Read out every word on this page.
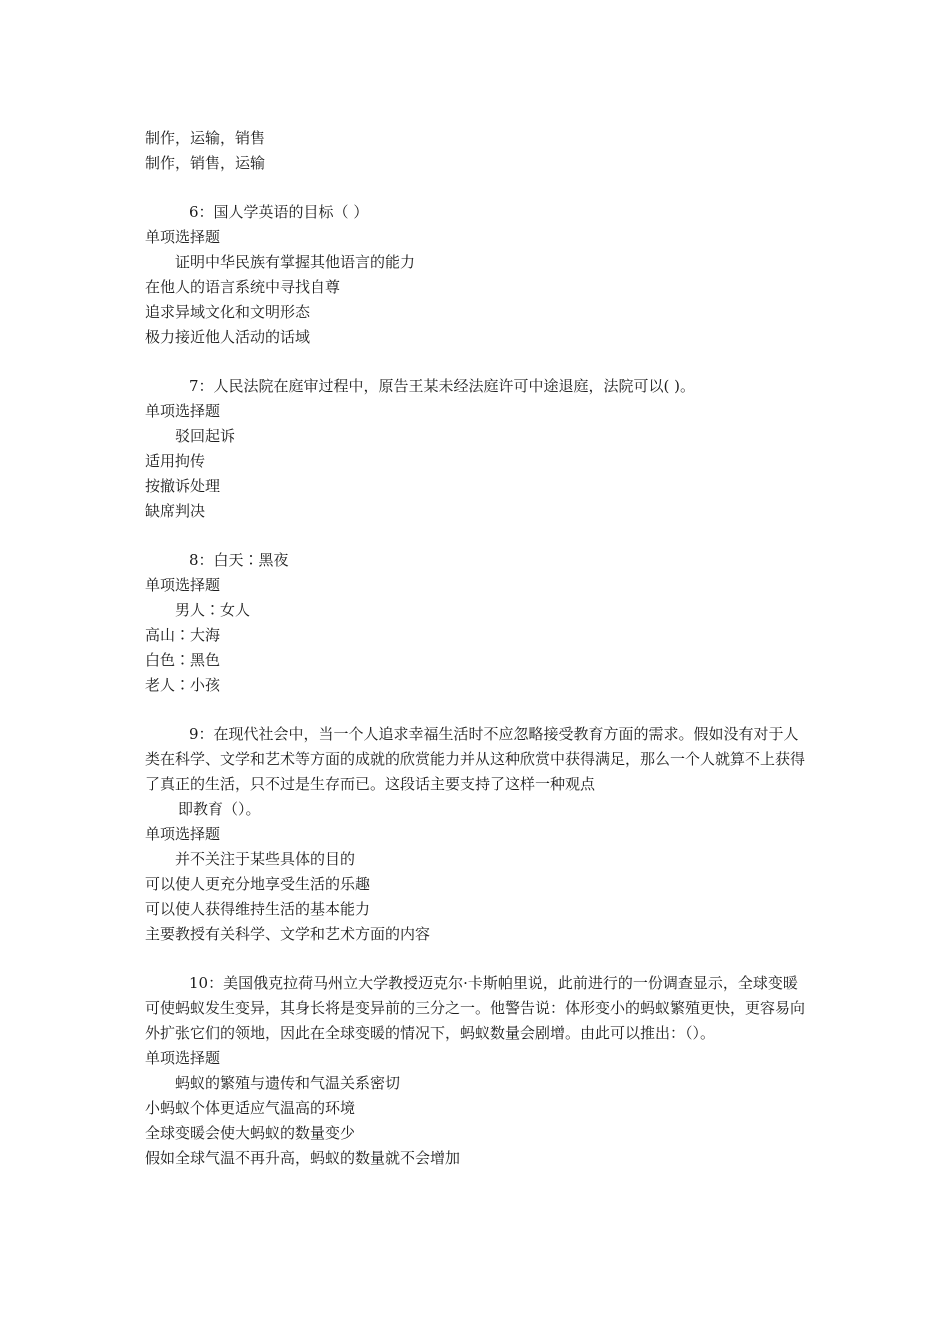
制作，运输，销售
制作，销售，运输

6：国人学英语的目标（ ）

单项选择题
证明中华民族有掌握其他语言的能力
在他人的语言系统中寻找自尊
追求异域文化和文明形态
极力接近他人活动的话域

7：人民法院在庭审过程中，原告王某未经法庭许可中途退庭，法院可以( )。

单项选择题
驳回起诉
适用拘传
按撤诉处理
缺席判决

8：白天∶黑夜

单项选择题
男人∶女人
高山∶大海
白色∶黑色
老人∶小孩

9：在现代社会中，当一个人追求幸福生活时不应忽略接受教育方面的需求。假如没有对于人类在科学、文学和艺术等方面的成就的欣赏能力并从这种欣赏中获得满足，那么一个人就算不上获得了真正的生活，只不过是生存而已。这段话主要支持了这样一种观点

即教育（）。
单项选择题
并不关注于某些具体的目的
可以使人更充分地享受生活的乐趣
可以使人获得维持生活的基本能力
主要教授有关科学、文学和艺术方面的内容

10：美国俄克拉荷马州立大学教授迈克尔·卡斯帕里说，此前进行的一份调查显示，全球变暖可使蚂蚁发生变异，其身长将是变异前的三分之一。他警告说：体形变小的蚂蚁繁殖更快，更容易向外扩张它们的领地，因此在全球变暖的情况下，蚂蚁数量会剧增。由此可以推出：（）。

单项选择题
蚂蚁的繁殖与遗传和气温关系密切
小蚂蚁个体更适应气温高的环境
全球变暖会使大蚂蚁的数量变少
假如全球气温不再升高，蚂蚁的数量就不会增加
